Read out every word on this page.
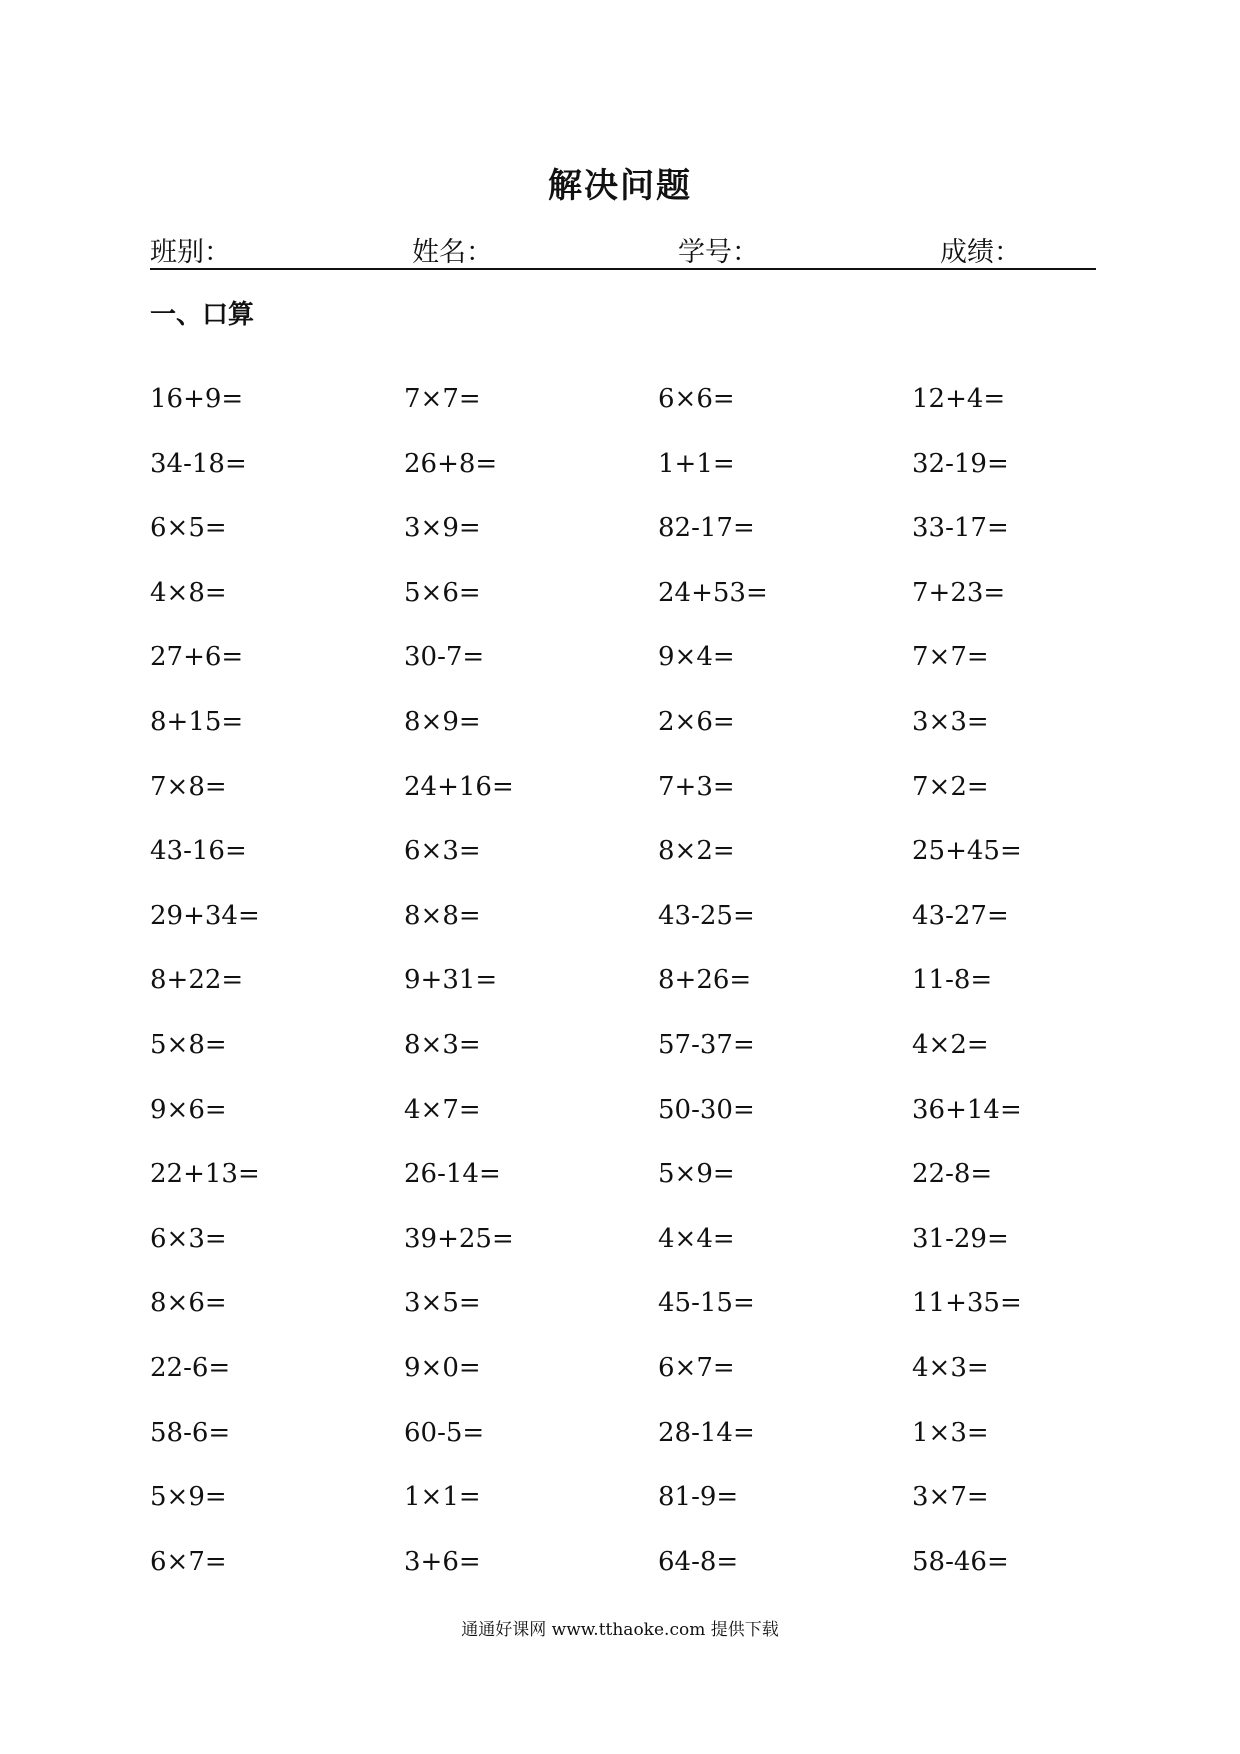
解决问题
班别：	姓名：	学号：	成绩：
一、口算
16+9=	7×7=	6×6=	12+4=
34-18=	26+8=	1+1=	32-19=
6×5=	3×9=	82-17=	33-17=
4×8=	5×6=	24+53=	7+23=
27+6=	30-7=	9×4=	7×7=
8+15=	8×9=	2×6=	3×3=
7×8=	24+16=	7+3=	7×2=
43-16=	6×3=	8×2=	25+45=
29+34=	8×8=	43-25=	43-27=
8+22=	9+31=	8+26=	11-8=
5×8=	8×3=	57-37=	4×2=
9×6=	4×7=	50-30=	36+14=
22+13=	26-14=	5×9=	22-8=
6×3=	39+25=	4×4=	31-29=
8×6=	3×5=	45-15=	11+35=
22-6=	9×0=	6×7=	4×3=
58-6=	60-5=	28-14=	1×3=
5×9=	1×1=	81-9=	3×7=
6×7=	3+6=	64-8=	58-46=
通通好课网 www.tthaoke.com 提供下载
